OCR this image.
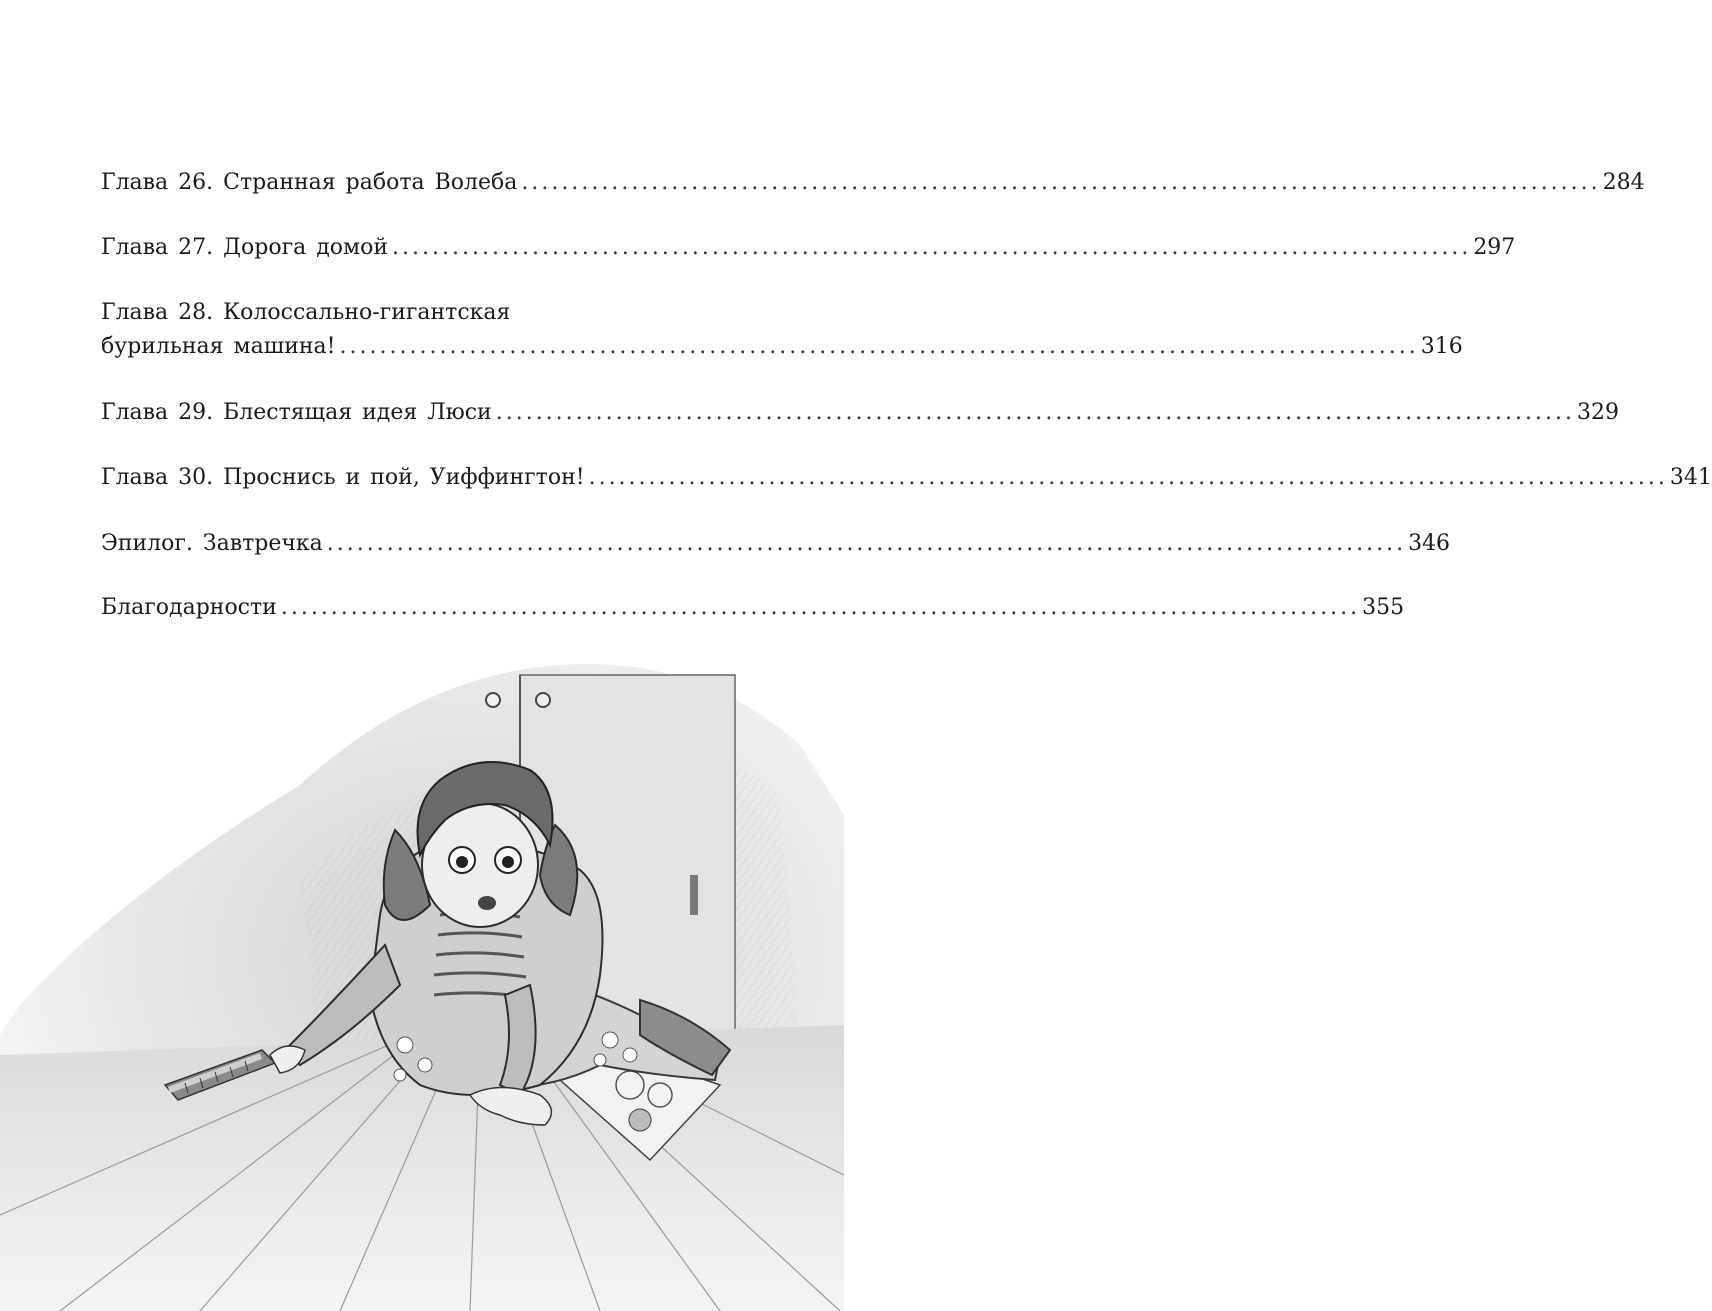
Глава 26. Странная работа Волеба ............................................................................................................ 284
Глава 27. Дорога домой ............................................................................................................ 297
Глава 28. Колоссально-гигантская
бурильная машина! ............................................................................................................ 316
Глава 29. Блестящая идея Люси ............................................................................................................ 329
Глава 30. Проснись и пой, Уиффингтон! ............................................................................................................ 341
Эпилог. Завтречка ............................................................................................................ 346
Благодарности ............................................................................................................ 355
